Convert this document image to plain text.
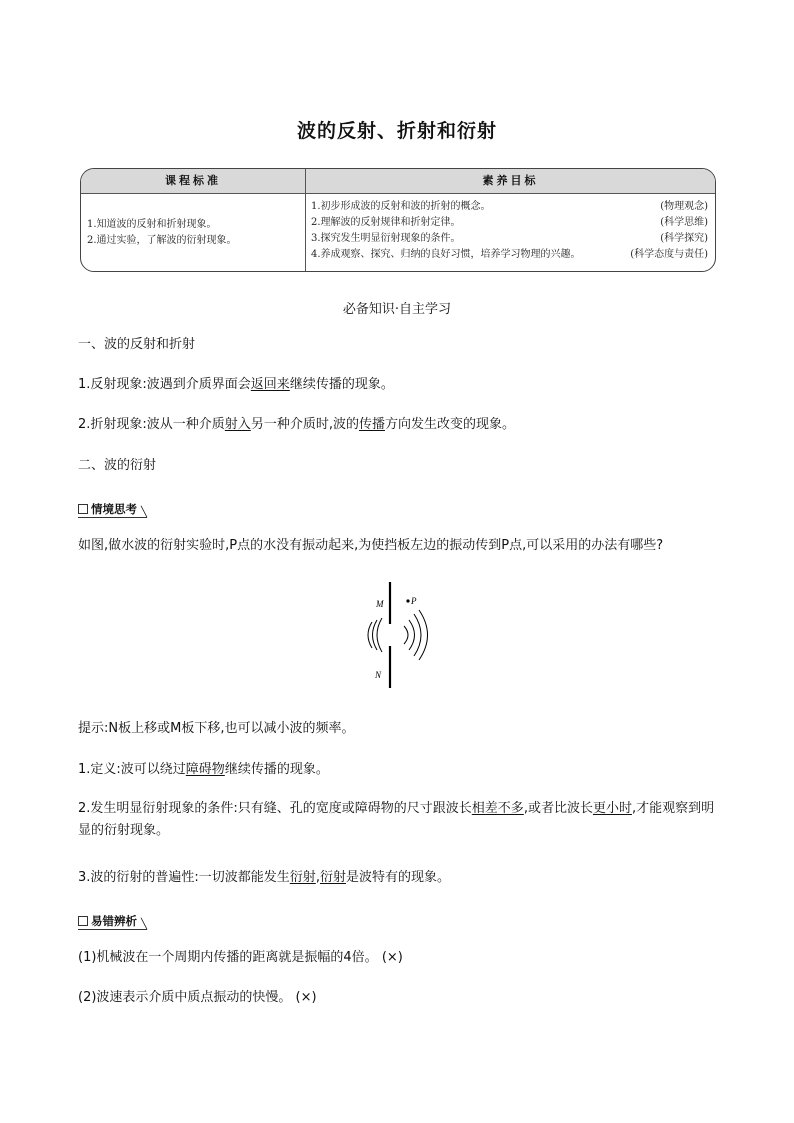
波的反射、折射和衍射
课程标准	素养目标
1.知道波的反射和折射现象。
2.通过实验，了解波的衍射现象。
1.初步形成波的反射和波的折射的概念。	(物理观念)
2.理解波的反射规律和折射定律。	(科学思维)
3.探究发生明显衍射现象的条件。	(科学探究)
4.养成观察、探究、归纳的良好习惯，培养学习物理的兴趣。	(科学态度与责任)
必备知识·自主学习
一、波的反射和折射
1.反射现象:波遇到介质界面会返回来继续传播的现象。
2.折射现象:波从一种介质射入另一种介质时,波的传播方向发生改变的现象。
二、波的衍射
情境思考 ╲
如图,做水波的衍射实验时,P点的水没有振动起来,为使挡板左边的振动传到P点,可以采用的办法有哪些?
M	P
N
提示:N板上移或M板下移,也可以减小波的频率。
1.定义:波可以绕过障碍物继续传播的现象。
2.发生明显衍射现象的条件:只有缝、孔的宽度或障碍物的尺寸跟波长相差不多,或者比波长更小时,才能观察到明显的衍射现象。
3.波的衍射的普遍性:一切波都能发生衍射,衍射是波特有的现象。
易错辨析 ╲
(1)机械波在一个周期内传播的距离就是振幅的4倍。 (×)
(2)波速表示介质中质点振动的快慢。 (×)
